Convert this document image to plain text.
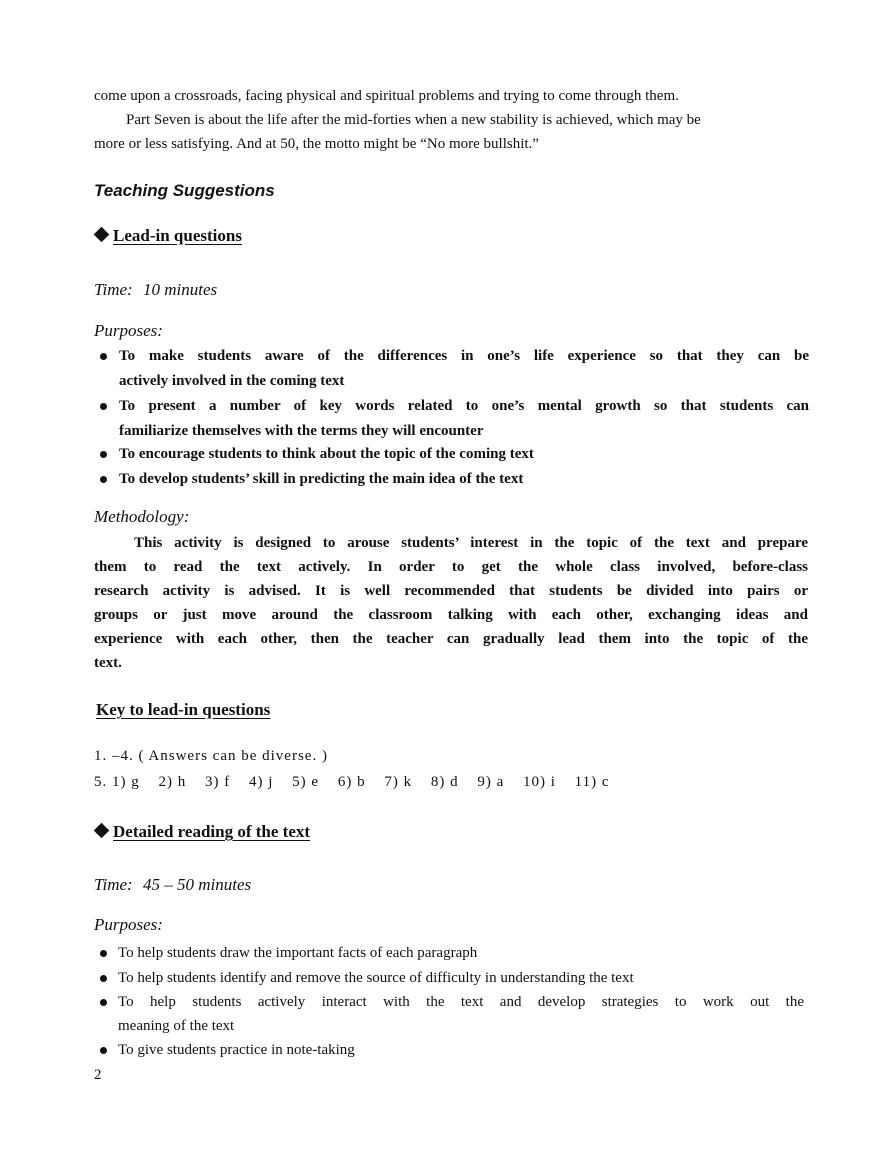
come upon a crossroads, facing physical and spiritual problems and trying to come through them.
Part Seven is about the life after the mid-forties when a new stability is achieved, which may be
more or less satisfying. And at 50, the motto might be “No more bullshit.”
Teaching Suggestions
Lead-in questions
Time: 10 minutes
Purposes:
To make students aware of the differences in one’s life experience so that they can be
actively involved in the coming text
To present a number of key words related to one’s mental growth so that students can
familiarize themselves with the terms they will encounter
To encourage students to think about the topic of the coming text
To develop students’ skill in predicting the main idea of the text
Methodology:
This activity is designed to arouse students’ interest in the topic of the text and prepare
them to read the text actively. In order to get the whole class involved, before-class
research activity is advised. It is well recommended that students be divided into pairs or
groups or just move around the classroom talking with each other, exchanging ideas and
experience with each other, then the teacher can gradually lead them into the topic of the
text.
Key to lead-in questions
1. –4. ( Answers can be diverse. )
5. 1) g 2) h 3) f 4) j 5) e 6) b 7) k 8) d 9) a 10) i 11) c
Detailed reading of the text
Time: 45 – 50 minutes
Purposes:
To help students draw the important facts of each paragraph
To help students identify and remove the source of difficulty in understanding the text
To help students actively interact with the text and develop strategies to work out the
meaning of the text
To give students practice in note-taking
2
